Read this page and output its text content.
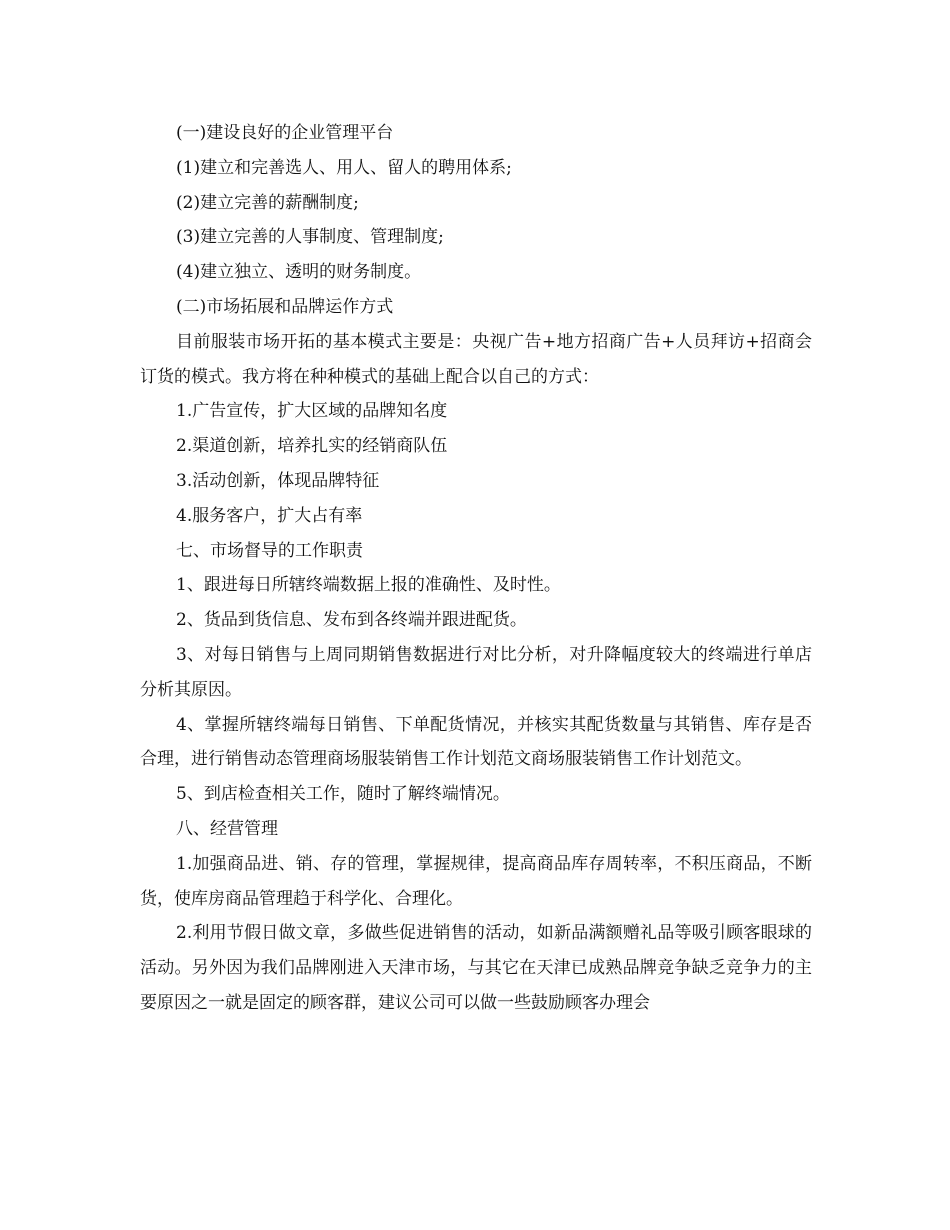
(一)建设良好的企业管理平台

(1)建立和完善选人、用人、留人的聘用体系;

(2)建立完善的薪酬制度;

(3)建立完善的人事制度、管理制度;

(4)建立独立、透明的财务制度。

(二)市场拓展和品牌运作方式

目前服装市场开拓的基本模式主要是：央视广告+地方招商广告+人员拜访+招商会订货的模式。我方将在种种模式的基础上配合以自己的方式：

1.广告宣传，扩大区域的品牌知名度

2.渠道创新，培养扎实的经销商队伍

3.活动创新，体现品牌特征

4.服务客户，扩大占有率

七、市场督导的工作职责

1、跟进每日所辖终端数据上报的准确性、及时性。

2、货品到货信息、发布到各终端并跟进配货。

3、对每日销售与上周同期销售数据进行对比分析，对升降幅度较大的终端进行单店分析其原因。

4、掌握所辖终端每日销售、下单配货情况，并核实其配货数量与其销售、库存是否合理，进行销售动态管理商场服装销售工作计划范文商场服装销售工作计划范文。

5、到店检查相关工作，随时了解终端情况。

八、经营管理

1.加强商品进、销、存的管理，掌握规律，提高商品库存周转率，不积压商品，不断货，使库房商品管理趋于科学化、合理化。

2.利用节假日做文章，多做些促进销售的活动，如新品满额赠礼品等吸引顾客眼球的活动。另外因为我们品牌刚进入天津市场，与其它在天津已成熟品牌竞争缺乏竞争力的主要原因之一就是固定的顾客群，建议公司可以做一些鼓励顾客办理会
